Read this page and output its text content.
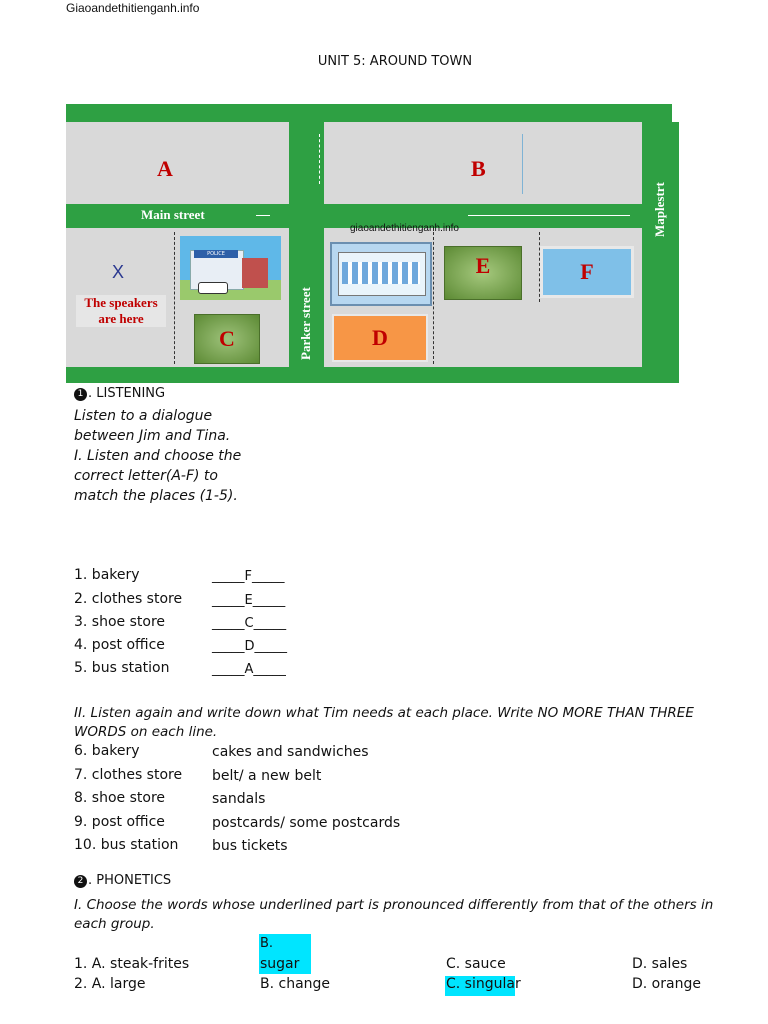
Giaoandethitienganh.info
UNIT 5: AROUND TOWN
A	B
Main street
Parker street
Maplestrt
giaoandethitienganh.info
X
The speakers
are here
POLICE
C	D
E	F
1 . LISTENING
Listen to a dialogue
between Jim and Tina.
I. Listen and choose the
correct letter(A-F) to
match the places (1-5).
1. bakery	_____F_____
2. clothes store _____E_____
3. shoe store	_____C_____
4. post office	_____D_____
5. bus station	_____A_____
II. Listen again and write down what Tim needs at each place. Write NO MORE THAN THREE
WORDS on each line.
6. bakery	cakes and sandwiches
7. clothes store belt/ a new belt
8. shoe store	sandals
9. post office	postcards/ some postcards
10. bus station bus tickets
2 . PHONETICS
I. Choose the words whose underlined part is pronounced differently from that of the others in
each group.
B.
1. A. steak-frites	sugar	C. sauce	D. sales
2. A. large	B. change	C. singular	D. orange
